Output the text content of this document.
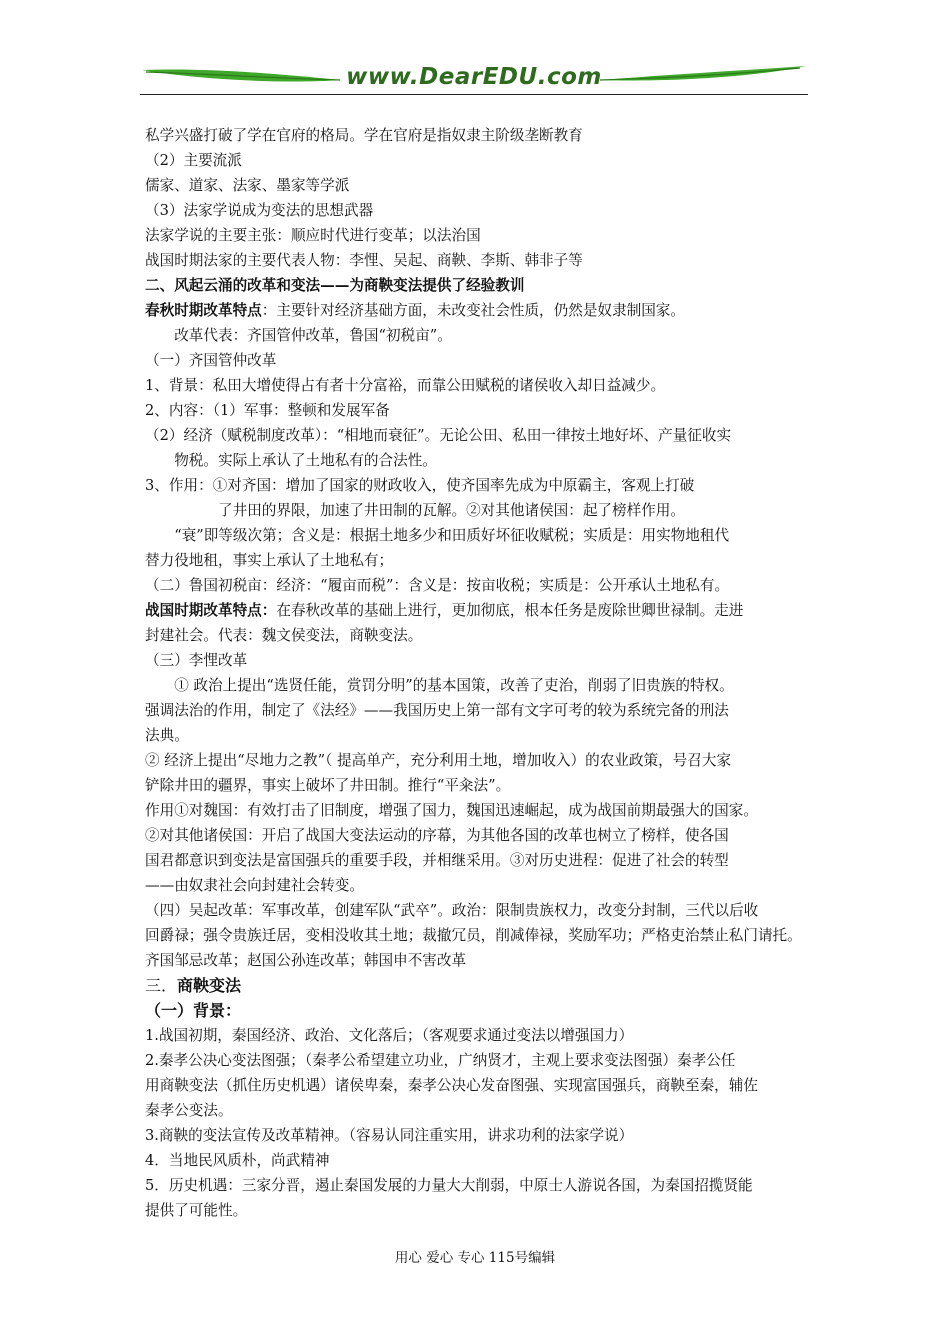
www.DearEDU.com
私学兴盛打破了学在官府的格局。学在官府是指奴隶主阶级垄断教育
（2）主要流派
儒家、道家、法家、墨家等学派
（3）法家学说成为变法的思想武器
法家学说的主要主张：顺应时代进行变革；以法治国
战国时期法家的主要代表人物：李悝、吴起、商鞅、李斯、韩非子等
二、风起云涌的改革和变法——为商鞅变法提供了经验教训
春秋时期改革特点：主要针对经济基础方面，未改变社会性质，仍然是奴隶制国家。
　　改革代表：齐国管仲改革，鲁国“初税亩”。
（一）齐国管仲改革
1、背景：私田大增使得占有者十分富裕，而靠公田赋税的诸侯收入却日益减少。
2、内容：（1）军事：整顿和发展军备
（2）经济（赋税制度改革）：“相地而衰征”。无论公田、私田一律按土地好坏、产量征收实
　　物税。实际上承认了土地私有的合法性。
3、作用：①对齐国：增加了国家的财政收入，使齐国率先成为中原霸主，客观上打破
　　　　　了井田的界限，加速了井田制的瓦解。②对其他诸侯国：起了榜样作用。
　　“衰”即等级次第；含义是：根据土地多少和田质好坏征收赋税；实质是：用实物地租代
替力役地租，事实上承认了土地私有；
（二）鲁国初税亩：经济：“履亩而税”：含义是：按亩收税；实质是：公开承认土地私有。
战国时期改革特点：在春秋改革的基础上进行，更加彻底，根本任务是废除世卿世禄制。走进
封建社会。代表：魏文侯变法，商鞅变法。
（三）李悝改革
　　① 政治上提出“选贤任能，赏罚分明”的基本国策，改善了吏治，削弱了旧贵族的特权。
强调法治的作用，制定了《法经》——我国历史上第一部有文字可考的较为系统完备的刑法
法典。
② 经济上提出“尽地力之教”（ 提高单产，充分利用土地，增加收入）的农业政策，号召大家
铲除井田的疆界，事实上破坏了井田制。推行“平籴法”。
作用①对魏国：有效打击了旧制度，增强了国力，魏国迅速崛起，成为战国前期最强大的国家。
②对其他诸侯国：开启了战国大变法运动的序幕，为其他各国的改革也树立了榜样，使各国
国君都意识到变法是富国强兵的重要手段，并相继采用。③对历史进程：促进了社会的转型
——由奴隶社会向封建社会转变。
（四）吴起改革：军事改革，创建军队“武卒”。政治：限制贵族权力，改变分封制，三代以后收
回爵禄；强令贵族迁居，变相没收其土地；裁撤冗员，削减俸禄，奖励军功；严格吏治禁止私门请托。
齐国邹忌改革；赵国公孙连改革；韩国申不害改革
三．商鞅变法
（一）背景：
1.战国初期，秦国经济、政治、文化落后；（客观要求通过变法以增强国力）
2.秦孝公决心变法图强；（秦孝公希望建立功业，广纳贤才，主观上要求变法图强）秦孝公任
用商鞅变法（抓住历史机遇）诸侯卑秦，秦孝公决心发奋图强、实现富国强兵，商鞅至秦，辅佐
秦孝公变法。
3.商鞅的变法宣传及改革精神。（容易认同注重实用，讲求功利的法家学说）
4．当地民风质朴，尚武精神
5．历史机遇：三家分晋，遏止秦国发展的力量大大削弱，中原士人游说各国，为秦国招揽贤能
提供了可能性。
用心 爱心 专心 115号编辑
